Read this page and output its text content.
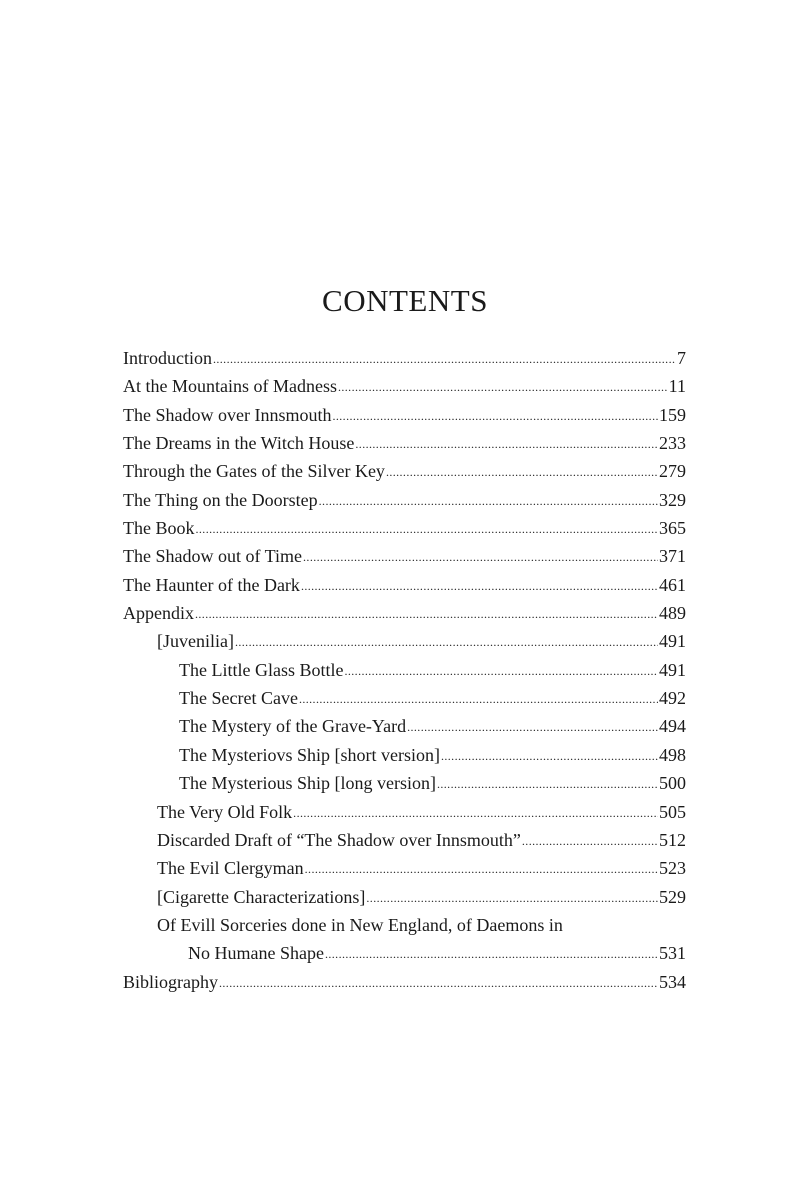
CONTENTS
Introduction .....	7
At the Mountains of Madness .....	11
The Shadow over Innsmouth .....	159
The Dreams in the Witch House .....	233
Through the Gates of the Silver Key .....	279
The Thing on the Doorstep .....	329
The Book .....	365
The Shadow out of Time .....	371
The Haunter of the Dark .....	461
Appendix .....	489
[Juvenilia] .....	491
The Little Glass Bottle .....	491
The Secret Cave .....	492
The Mystery of the Grave-Yard .....	494
The Mysteriovs Ship [short version] .....	498
The Mysterious Ship [long version] .....	500
The Very Old Folk .....	505
Discarded Draft of “The Shadow over Innsmouth” .....	512
The Evil Clergyman .....	523
[Cigarette Characterizations] .....	529
Of Evill Sorceries done in New England, of Daemons in
No Humane Shape .....	531
Bibliography .....	534
